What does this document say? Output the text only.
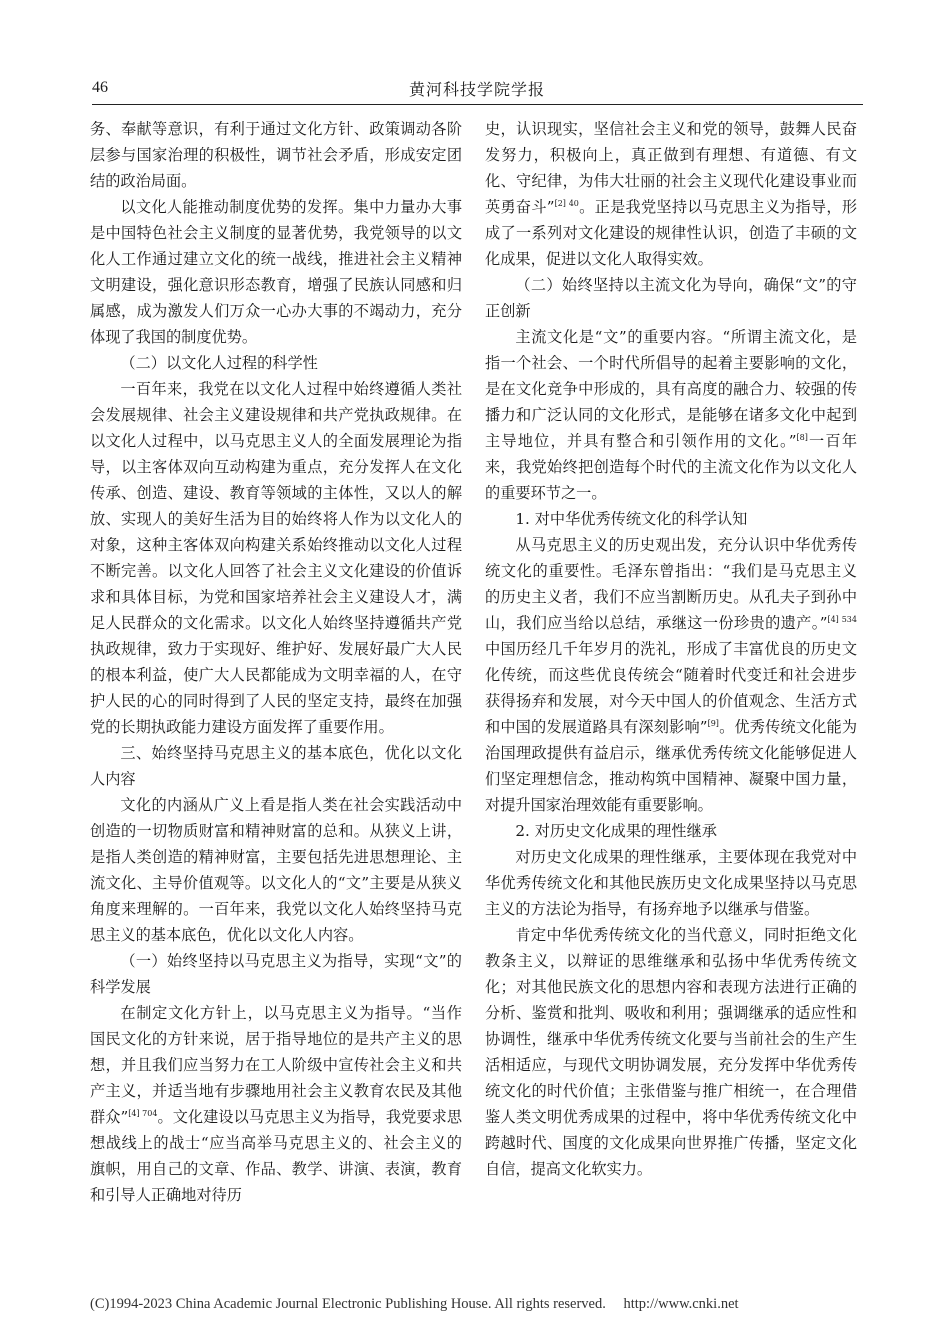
46	黄河科技学院学报

务、奉献等意识，有利于通过文化方针、政策调动各阶层参与国家治理的积极性，调节社会矛盾，形成安定团结的政治局面。

以文化人能推动制度优势的发挥。集中力量办大事是中国特色社会主义制度的显著优势，我党领导的以文化人工作通过建立文化的统一战线，推进社会主义精神文明建设，强化意识形态教育，增强了民族认同感和归属感，成为激发人们万众一心办大事的不竭动力，充分体现了我国的制度优势。

（二）以文化人过程的科学性

一百年来，我党在以文化人过程中始终遵循人类社会发展规律、社会主义建设规律和共产党执政规律。在以文化人过程中，以马克思主义人的全面发展理论为指导，以主客体双向互动构建为重点，充分发挥人在文化传承、创造、建设、教育等领域的主体性，又以人的解放、实现人的美好生活为目的始终将人作为以文化人的对象，这种主客体双向构建关系始终推动以文化人过程不断完善。以文化人回答了社会主义文化建设的价值诉求和具体目标，为党和国家培养社会主义建设人才，满足人民群众的文化需求。以文化人始终坚持遵循共产党执政规律，致力于实现好、维护好、发展好最广大人民的根本利益，使广大人民都能成为文明幸福的人，在守护人民的心的同时得到了人民的坚定支持，最终在加强党的长期执政能力建设方面发挥了重要作用。

三、始终坚持马克思主义的基本底色，优化以文化人内容

文化的内涵从广义上看是指人类在社会实践活动中创造的一切物质财富和精神财富的总和。从狭义上讲，是指人类创造的精神财富，主要包括先进思想理论、主流文化、主导价值观等。以文化人的“文”主要是从狭义角度来理解的。一百年来，我党以文化人始终坚持马克思主义的基本底色，优化以文化人内容。

（一）始终坚持以马克思主义为指导，实现“文”的科学发展

在制定文化方针上，以马克思主义为指导。“当作国民文化的方针来说，居于指导地位的是共产主义的思想，并且我们应当努力在工人阶级中宣传社会主义和共产主义，并适当地有步骤地用社会主义教育农民及其他群众”$^{[4] 704}$。文化建设以马克思主义为指导，我党要求思想战线上的战士“应当高举马克思主义的、社会主义的旗帜，用自己的文章、作品、教学、讲演、表演，教育和引导人正确地对待历

史，认识现实，坚信社会主义和党的领导，鼓舞人民奋发努力，积极向上，真正做到有理想、有道德、有文化、守纪律，为伟大壮丽的社会主义现代化建设事业而英勇奋斗”$^{[2] 40}$。正是我党坚持以马克思主义为指导，形成了一系列对文化建设的规律性认识，创造了丰硕的文化成果，促进以文化人取得实效。

（二）始终坚持以主流文化为导向，确保“文”的守正创新

主流文化是“文”的重要内容。“所谓主流文化，是指一个社会、一个时代所倡导的起着主要影响的文化，是在文化竞争中形成的，具有高度的融合力、较强的传播力和广泛认同的文化形式，是能够在诸多文化中起到主导地位，并具有整合和引领作用的文化。”[8]一百年来，我党始终把创造每个时代的主流文化作为以文化人的重要环节之一。

1. 对中华优秀传统文化的科学认知

从马克思主义的历史观出发，充分认识中华优秀传统文化的重要性。毛泽东曾指出：“我们是马克思主义的历史主义者，我们不应当割断历史。从孔夫子到孙中山，我们应当给以总结，承继这一份珍贵的遗产。”$^{[4] 534}$中国历经几千年岁月的洗礼，形成了丰富优良的历史文化传统，而这些优良传统会“随着时代变迁和社会进步获得扬弃和发展，对今天中国人的价值观念、生活方式和中国的发展道路具有深刻影响”[9]。优秀传统文化能为治国理政提供有益启示，继承优秀传统文化能够促进人们坚定理想信念，推动构筑中国精神、凝聚中国力量，对提升国家治理效能有重要影响。

2. 对历史文化成果的理性继承

对历史文化成果的理性继承，主要体现在我党对中华优秀传统文化和其他民族历史文化成果坚持以马克思主义的方法论为指导，有扬弃地予以继承与借鉴。

肯定中华优秀传统文化的当代意义，同时拒绝文化教条主义，以辩证的思维继承和弘扬中华优秀传统文化；对其他民族文化的思想内容和表现方法进行正确的分析、鉴赏和批判、吸收和利用；强调继承的适应性和协调性，继承中华优秀传统文化要与当前社会的生产生活相适应，与现代文明协调发展，充分发挥中华优秀传统文化的时代价值；主张借鉴与推广相统一，在合理借鉴人类文明优秀成果的过程中，将中华优秀传统文化中跨越时代、国度的文化成果向世界推广传播，坚定文化自信，提高文化软实力。

(C)1994-2023 China Academic Journal Electronic Publishing House. All rights reserved. http://www.cnki.net
